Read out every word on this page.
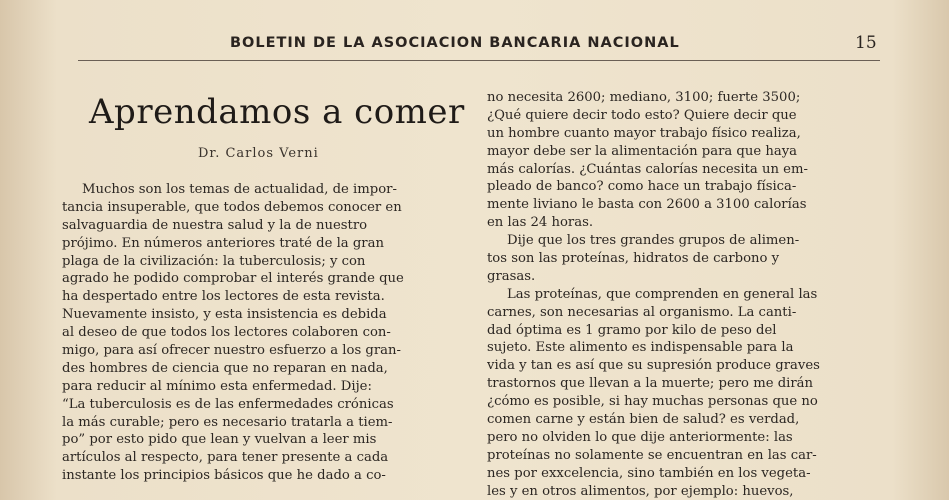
BOLETIN DE LA ASOCIACION BANCARIA NACIONAL	15
Aprendamos a comer
Dr. Carlos Verni
Muchos son los temas de actualidad, de impor-
tancia insuperable, que todos debemos conocer en
salvaguardia de nuestra salud y la de nuestro
prójimo. En números anteriores traté de la gran
plaga de la civilización: la tuberculosis; y con
agrado he podido comprobar el interés grande que
ha despertado entre los lectores de esta revista.
Nuevamente insisto, y esta insistencia es debida
al deseo de que todos los lectores colaboren con-
migo, para así ofrecer nuestro esfuerzo a los gran-
des hombres de ciencia que no reparan en nada,
para reducir al mínimo esta enfermedad. Dije:
“La tuberculosis es de las enfermedades crónicas
la más curable; pero es necesario tratarla a tiem-
po” por esto pido que lean y vuelvan a leer mis
artículos al respecto, para tener presente a cada
instante los principios básicos que he dado a co-
no necesita 2600; mediano, 3100; fuerte 3500;
¿Qué quiere decir todo esto? Quiere decir que
un hombre cuanto mayor trabajo físico realiza,
mayor debe ser la alimentación para que haya
más calorías. ¿Cuántas calorías necesita un em-
pleado de banco? como hace un trabajo física-
mente liviano le basta con 2600 a 3100 calorías
en las 24 horas.
Dije que los tres grandes grupos de alimen-
tos son las proteínas, hidratos de carbono y
grasas.
Las proteínas, que comprenden en general las
carnes, son necesarias al organismo. La canti-
dad óptima es 1 gramo por kilo de peso del
sujeto. Este alimento es indispensable para la
vida y tan es así que su supresión produce graves
trastornos que llevan a la muerte; pero me dirán
¿cómo es posible, si hay muchas personas que no
comen carne y están bien de salud? es verdad,
pero no olviden lo que dije anteriormente: las
proteínas no solamente se encuentran en las car-
nes por exxcelencia, sino también en los vegeta-
les y en otros alimentos, por ejemplo: huevos,
